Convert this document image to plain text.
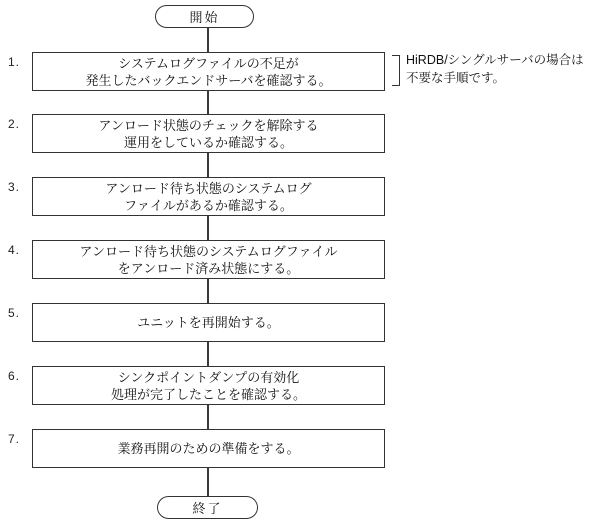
開始
1.
2.
3.
4.
5.
6.
7.
システムログファイルの不足が
発生したバックエンドサーバを確認する。
アンロード状態のチェックを解除する
運用をしているか確認する。
アンロード待ち状態のシステムログ
ファイルがあるか確認する。
アンロード待ち状態のシステムログファイル
をアンロード済み状態にする。
ユニットを再開始する。
シンクポイントダンプの有効化
処理が完了したことを確認する。
業務再開のための準備をする。
HiRDB/シングルサーバの場合は
不要な手順です。
終了
